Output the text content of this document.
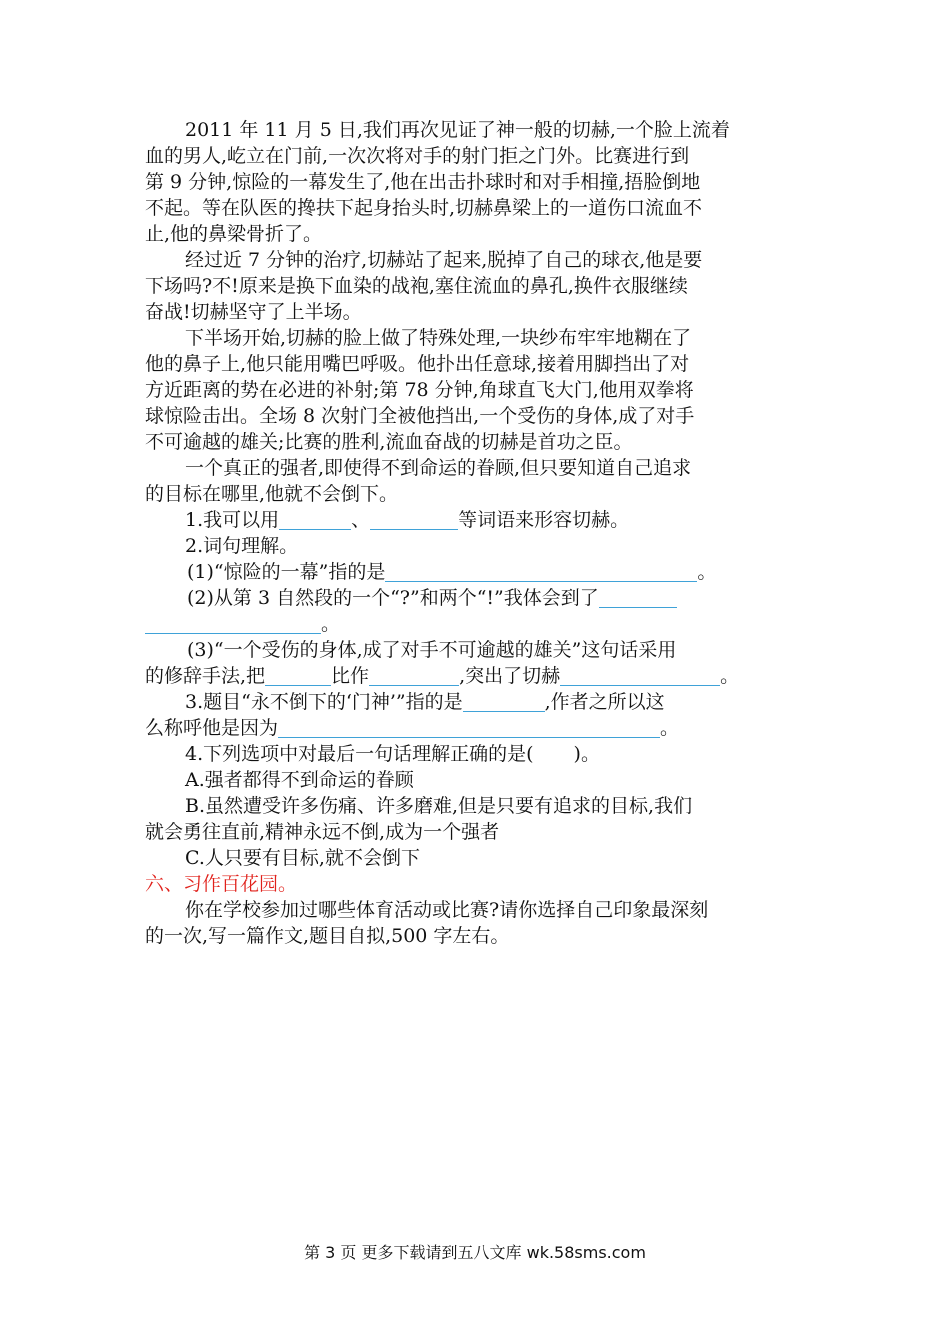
2011 年 11 月 5 日,我们再次见证了神一般的切赫,一个脸上流着
血的男人,屹立在门前,一次次将对手的射门拒之门外。比赛进行到
第 9 分钟,惊险的一幕发生了,他在出击扑球时和对手相撞,捂脸倒地
不起。等在队医的搀扶下起身抬头时,切赫鼻梁上的一道伤口流血不
止,他的鼻梁骨折了。
经过近 7 分钟的治疗,切赫站了起来,脱掉了自己的球衣,他是要
下场吗?不!原来是换下血染的战袍,塞住流血的鼻孔,换件衣服继续
奋战!切赫坚守了上半场。
下半场开始,切赫的脸上做了特殊处理,一块纱布牢牢地糊在了
他的鼻子上,他只能用嘴巴呼吸。他扑出任意球,接着用脚挡出了对
方近距离的势在必进的补射;第 78 分钟,角球直飞大门,他用双拳将
球惊险击出。全场 8 次射门全被他挡出,一个受伤的身体,成了对手
不可逾越的雄关;比赛的胜利,流血奋战的切赫是首功之臣。
一个真正的强者,即使得不到命运的眷顾,但只要知道自己追求
的目标在哪里,他就不会倒下。
1.我可以用	、	等词语来形容切赫。
2.词句理解。
(1)“惊险的一幕”指的是	。
(2)从第 3 自然段的一个“?”和两个“!”我体会到了
。
(3)“一个受伤的身体,成了对手不可逾越的雄关”这句话采用
的修辞手法,把	比作	,突出了切赫	。
3.题目“永不倒下的‘门神’”指的是	,作者之所以这
么称呼他是因为	。
4.下列选项中对最后一句话理解正确的是( )。
A.强者都得不到命运的眷顾
B.虽然遭受许多伤痛、许多磨难,但是只要有追求的目标,我们
就会勇往直前,精神永远不倒,成为一个强者
C.人只要有目标,就不会倒下
六、习作百花园。
你在学校参加过哪些体育活动或比赛?请你选择自己印象最深刻
的一次,写一篇作文,题目自拟,500 字左右。
第 3 页 更多下载请到五八文库 wk.58sms.com
